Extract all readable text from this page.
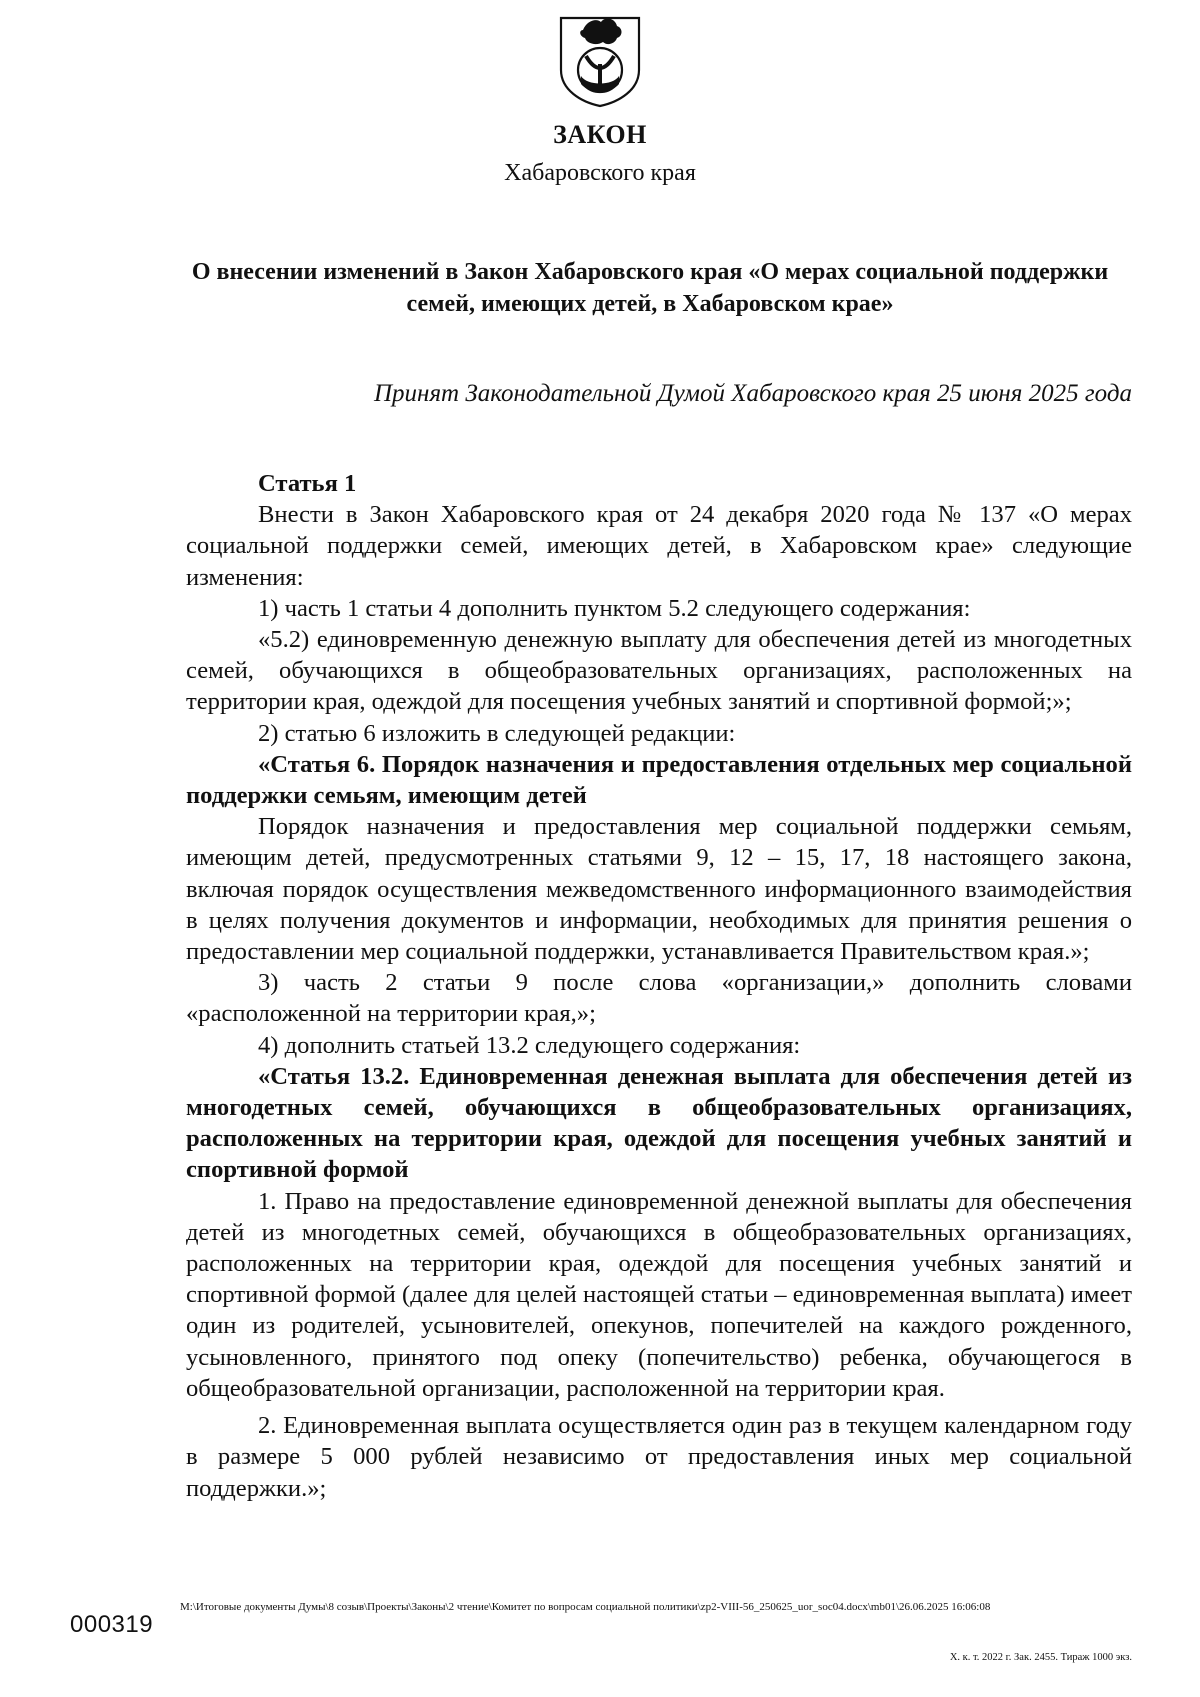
ЗАКОН
Хабаровского края
О внесении изменений в Закон Хабаровского края «О мерах социальной поддержки семей, имеющих детей, в Хабаровском крае»
Принят Законодательной Думой Хабаровского края 25 июня 2025 года

Статья 1

Внести в Закон Хабаровского края от 24 декабря 2020 года № 137 «О мерах социальной поддержки семей, имеющих детей, в Хабаровском крае» следующие изменения:

1) часть 1 статьи 4 дополнить пунктом 5.2 следующего содержания:

«5.2) единовременную денежную выплату для обеспечения детей из многодетных семей, обучающихся в общеобразовательных организациях, расположенных на территории края, одеждой для посещения учебных занятий и спортивной формой;»;

2) статью 6 изложить в следующей редакции:

«Статья 6. Порядок назначения и предоставления отдельных мер социальной поддержки семьям, имеющим детей

Порядок назначения и предоставления мер социальной поддержки семьям, имеющим детей, предусмотренных статьями 9, 12 – 15, 17, 18 настоящего закона, включая порядок осуществления межведомственного информационного взаимодействия в целях получения документов и информации, необходимых для принятия решения о предоставлении мер социальной поддержки, устанавливается Правительством края.»;

3) часть 2 статьи 9 после слова «организации,» дополнить словами «расположенной на территории края,»;

4) дополнить статьей 13.2 следующего содержания:

«Статья 13.2. Единовременная денежная выплата для обеспечения детей из многодетных семей, обучающихся в общеобразовательных организациях, расположенных на территории края, одеждой для посещения учебных занятий и спортивной формой

1. Право на предоставление единовременной денежной выплаты для обеспечения детей из многодетных семей, обучающихся в общеобразовательных организациях, расположенных на территории края, одеждой для посещения учебных занятий и спортивной формой (далее для целей настоящей статьи – единовременная выплата) имеет один из родителей, усыновителей, опекунов, попечителей на каждого рожденного, усыновленного, принятого под опеку (попечительство) ребенка, обучающегося в общеобразовательной организации, расположенной на территории края.

2. Единовременная выплата осуществляется один раз в текущем календарном году в размере 5 000 рублей независимо от предоставления иных мер социальной поддержки.»;

000319
M:\Итоговые документы Думы\8 созыв\Проекты\Законы\2 чтение\Комитет по вопросам социальной политики\zp2-VIII-56_250625_uor_soc04.docx\mb01\26.06.2025 16:06:08
Х. к. т. 2022 г. Зак. 2455. Тираж 1000 экз.
